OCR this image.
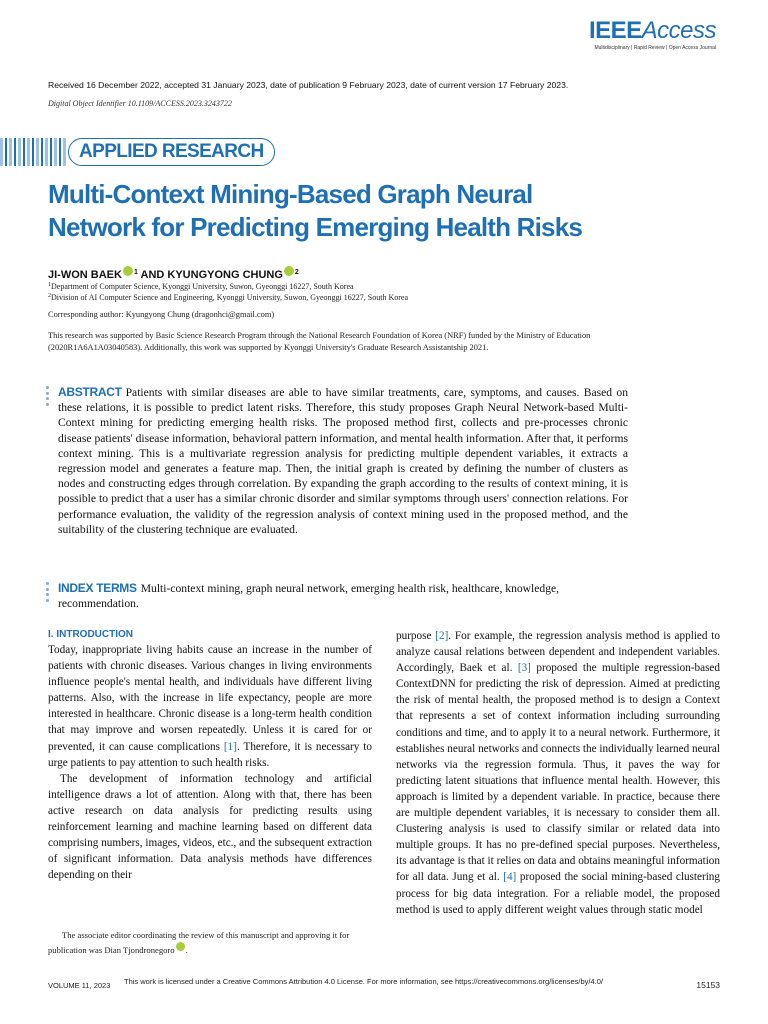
IEEEAccess
Multidisciplinary | Rapid Review | Open Access Journal
Received 16 December 2022, accepted 31 January 2023, date of publication 9 February 2023, date of current version 17 February 2023.
Digital Object Identifier 10.1109/ACCESS.2023.3243722
APPLIED RESEARCH
Multi-Context Mining-Based Graph Neural
Network for Predicting Emerging Health Risks
JI-WON BAEK $^1$ AND KYUNGYONG CHUNG $^2$
$^1$Department of Computer Science, Kyonggi University, Suwon, Gyeonggi 16227, South Korea
$^2$Division of AI Computer Science and Engineering, Kyonggi University, Suwon, Gyeonggi 16227, South Korea
Corresponding author: Kyungyong Chung (dragonhci@gmail.com)
This research was supported by Basic Science Research Program through the National Research Foundation of Korea (NRF) funded by the Ministry of Education (2020R1A6A1A03040583). Additionally, this work was supported by Kyonggi University's Graduate Research Assistantship 2021.
ABSTRACT Patients with similar diseases are able to have similar treatments, care, symptoms, and causes. Based on these relations, it is possible to predict latent risks. Therefore, this study proposes Graph Neural Network-based Multi-Context mining for predicting emerging health risks. The proposed method first, collects and pre-processes chronic disease patients' disease information, behavioral pattern information, and mental health information. After that, it performs context mining. This is a multivariate regression analysis for predicting multiple dependent variables, it extracts a regression model and generates a feature map. Then, the initial graph is created by defining the number of clusters as nodes and constructing edges through correlation. By expanding the graph according to the results of context mining, it is possible to predict that a user has a similar chronic disorder and similar symptoms through users' connection relations. For performance evaluation, the validity of the regression analysis of context mining used in the proposed method, and the suitability of the clustering technique are evaluated.
INDEX TERMS Multi-context mining, graph neural network, emerging health risk, healthcare, knowledge, recommendation.
I. INTRODUCTION

Today, inappropriate living habits cause an increase in the number of patients with chronic diseases. Various changes in living environments influence people's mental health, and individuals have different living patterns. Also, with the increase in life expectancy, people are more interested in healthcare. Chronic disease is a long-term health condition that may improve and worsen repeatedly. Unless it is cared for or prevented, it can cause complications [1]. Therefore, it is necessary to urge patients to pay attention to such health risks.

The development of information technology and artificial intelligence draws a lot of attention. Along with that, there has been active research on data analysis for predicting results using reinforcement learning and machine learning based on different data comprising numbers, images, videos, etc., and the subsequent extraction of significant information. Data analysis methods have differences depending on their

purpose [2]. For example, the regression analysis method is applied to analyze causal relations between dependent and independent variables. Accordingly, Baek et al. [3] proposed the multiple regression-based ContextDNN for predicting the risk of depression. Aimed at predicting the risk of mental health, the proposed method is to design a Context that represents a set of context information including surrounding conditions and time, and to apply it to a neural network. Furthermore, it establishes neural networks and connects the individually learned neural networks via the regression formula. Thus, it paves the way for predicting latent situations that influence mental health. However, this approach is limited by a dependent variable. In practice, because there are multiple dependent variables, it is necessary to consider them all. Clustering analysis is used to classify similar or related data into multiple groups. It has no pre-defined special purposes. Nevertheless, its advantage is that it relies on data and obtains meaningful information for all data. Jung et al. [4] proposed the social mining-based clustering process for big data integration. For a reliable model, the proposed method is used to apply different weight values through static model

The associate editor coordinating the review of this manuscript and approving it for publication was Dian Tjondronegoro .
VOLUME 11, 2023 This work is licensed under a Creative Commons Attribution 4.0 License. For more information, see https://creativecommons.org/licenses/by/4.0/	15153
